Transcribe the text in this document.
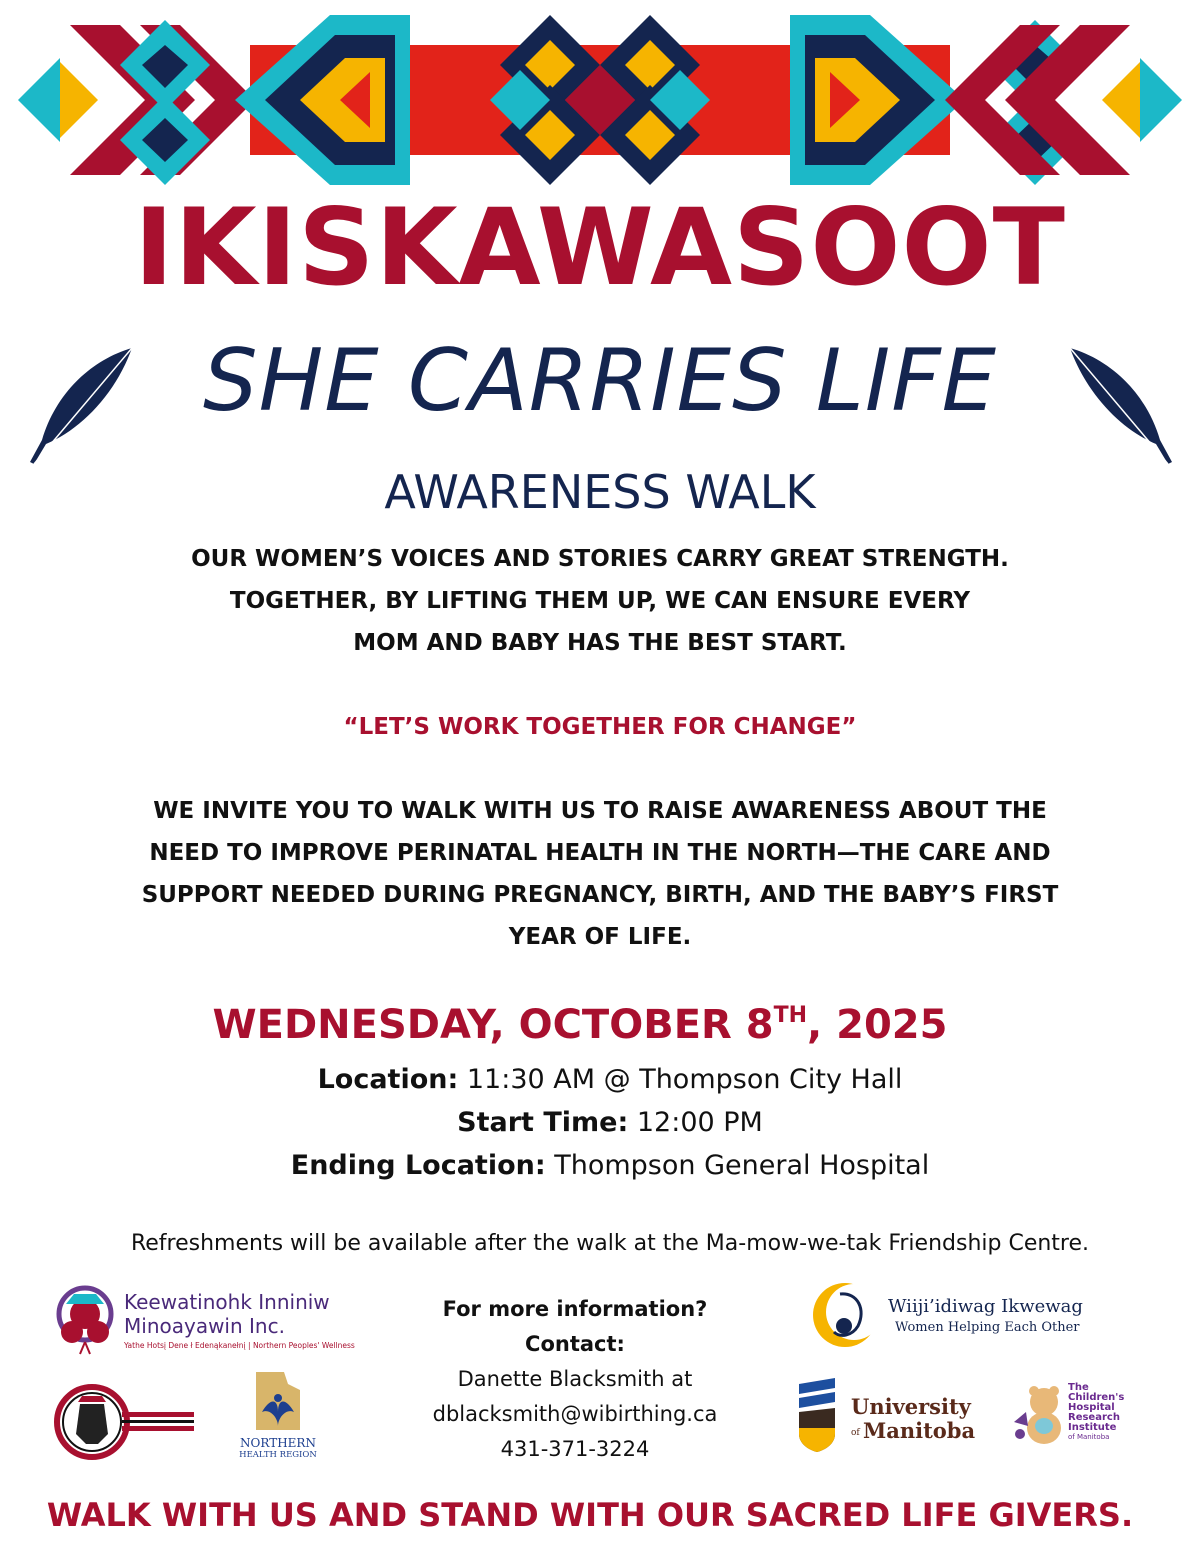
IKISKAWASOOT
SHE CARRIES LIFE
AWARENESS WALK
OUR WOMEN’S VOICES AND STORIES CARRY GREAT STRENGTH.
TOGETHER, BY LIFTING THEM UP, WE CAN ENSURE EVERY
MOM AND BABY HAS THE BEST START.
“LET’S WORK TOGETHER FOR CHANGE”
WE INVITE YOU TO WALK WITH US TO RAISE AWARENESS ABOUT THE
NEED TO IMPROVE PERINATAL HEALTH IN THE NORTH—THE CARE AND
SUPPORT NEEDED DURING PREGNANCY, BIRTH, AND THE BABY’S FIRST
YEAR OF LIFE.
WEDNESDAY, OCTOBER 8TH, 2025
Location: 11:30 AM @ Thompson City Hall
Start Time: 12:00 PM
Ending Location: Thompson General Hospital
Refreshments will be available after the walk at the Ma-mow-we-tak Friendship Centre.
Keewatinohk Inniniw
Minoayawin Inc.
Yathe Hotsį Dene ł Edenąkanełnį | Northern Peoples' Wellness
NORTHERN
HEALTH REGION
For more information?
Contact:
Danette Blacksmith at
dblacksmith@wibirthing.ca
431-371-3224
Wiiji’idiwag Ikwewag
Women Helping Each Other
University
of Manitoba
The
Children's
Hospital
Research
Institute
of Manitoba
WALK WITH US AND STAND WITH OUR SACRED LIFE GIVERS.
